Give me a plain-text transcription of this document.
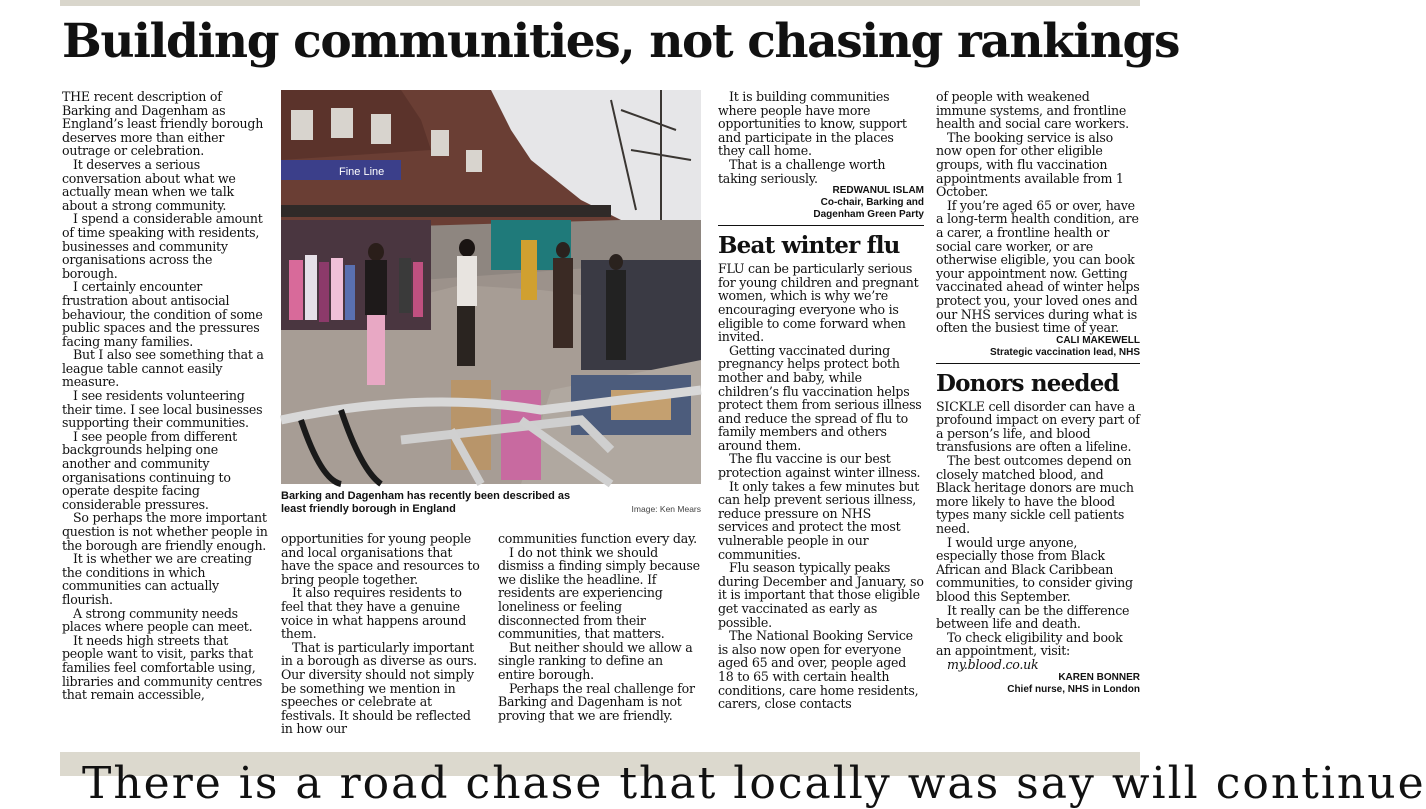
Building communities, not chasing rankings

THE recent description of Barking and Dagenham as England’s least friendly borough deserves more than either outrage or celebration.

It deserves a serious conversation about what we actually mean when we talk about a strong community.

I spend a considerable amount of time speaking with residents, businesses and community organisations across the borough.

I certainly encounter frustration about antisocial behaviour, the condition of some public spaces and the pressures facing many families.

But I also see something that a league table cannot easily measure.

I see residents volunteering their time. I see local businesses supporting their communities.

I see people from different backgrounds helping one another and community organisations continuing to operate despite facing considerable pressures.

So perhaps the more important question is not whether people in the borough are friendly enough.

It is whether we are creating the conditions in which communities can actually flourish.

A strong community needs places where people can meet.

It needs high streets that people want to visit, parks that families feel comfortable using, libraries and community centres that remain accessible,

Fine Line
Barking and Dagenham has recently been described as least friendly borough in England	Image: Ken Mears

opportunities for young people and local organisations that have the space and resources to bring people together.

It also requires residents to feel that they have a genuine voice in what happens around them.

That is particularly important in a borough as diverse as ours. Our diversity should not simply be something we mention in speeches or celebrate at festivals. It should be reflected in how our

communities function every day.

I do not think we should dismiss a finding simply because we dislike the headline. If residents are experiencing loneliness or feeling disconnected from their communities, that matters.

But neither should we allow a single ranking to define an entire borough.

Perhaps the real challenge for Barking and Dagenham is not proving that we are friendly.

It is building communities where people have more opportunities to know, support and participate in the places they call home.

That is a challenge worth taking seriously.

REDWANUL ISLAM

Co-chair, Barking and Dagenham Green Party

Beat winter flu

FLU can be particularly serious for young children and pregnant women, which is why we’re encouraging everyone who is eligible to come forward when invited.

Getting vaccinated during pregnancy helps protect both mother and baby, while children’s flu vaccination helps protect them from serious illness and reduce the spread of flu to family members and others around them.

The flu vaccine is our best protection against winter illness.

It only takes a few minutes but can help prevent serious illness, reduce pressure on NHS services and protect the most vulnerable people in our communities.

Flu season typically peaks during December and January, so it is important that those eligible get vaccinated as early as possible.

The National Booking Service is also now open for everyone aged 65 and over, people aged 18 to 65 with certain health conditions, care home residents, carers, close contacts

of people with weakened immune systems, and frontline health and social care workers.

The booking service is also now open for other eligible groups, with flu vaccination appointments available from 1 October.

If you’re aged 65 or over, have a long-term health condition, are a carer, a frontline health or social care worker, or are otherwise eligible, you can book your appointment now. Getting vaccinated ahead of winter helps protect you, your loved ones and our NHS services during what is often the busiest time of year.

CALI MAKEWELL

Strategic vaccination lead, NHS

Donors needed

SICKLE cell disorder can have a profound impact on every part of a person’s life, and blood transfusions are often a lifeline.

The best outcomes depend on closely matched blood, and Black heritage donors are much more likely to have the blood types many sickle cell patients need.

I would urge anyone, especially those from Black African and Black Caribbean communities, to consider giving blood this September.

It really can be the difference between life and death.

To check eligibility and book an appointment, visit:

my.blood.co.uk

KAREN BONNER

Chief nurse, NHS in London

There is a road chase that locally was say will continue
